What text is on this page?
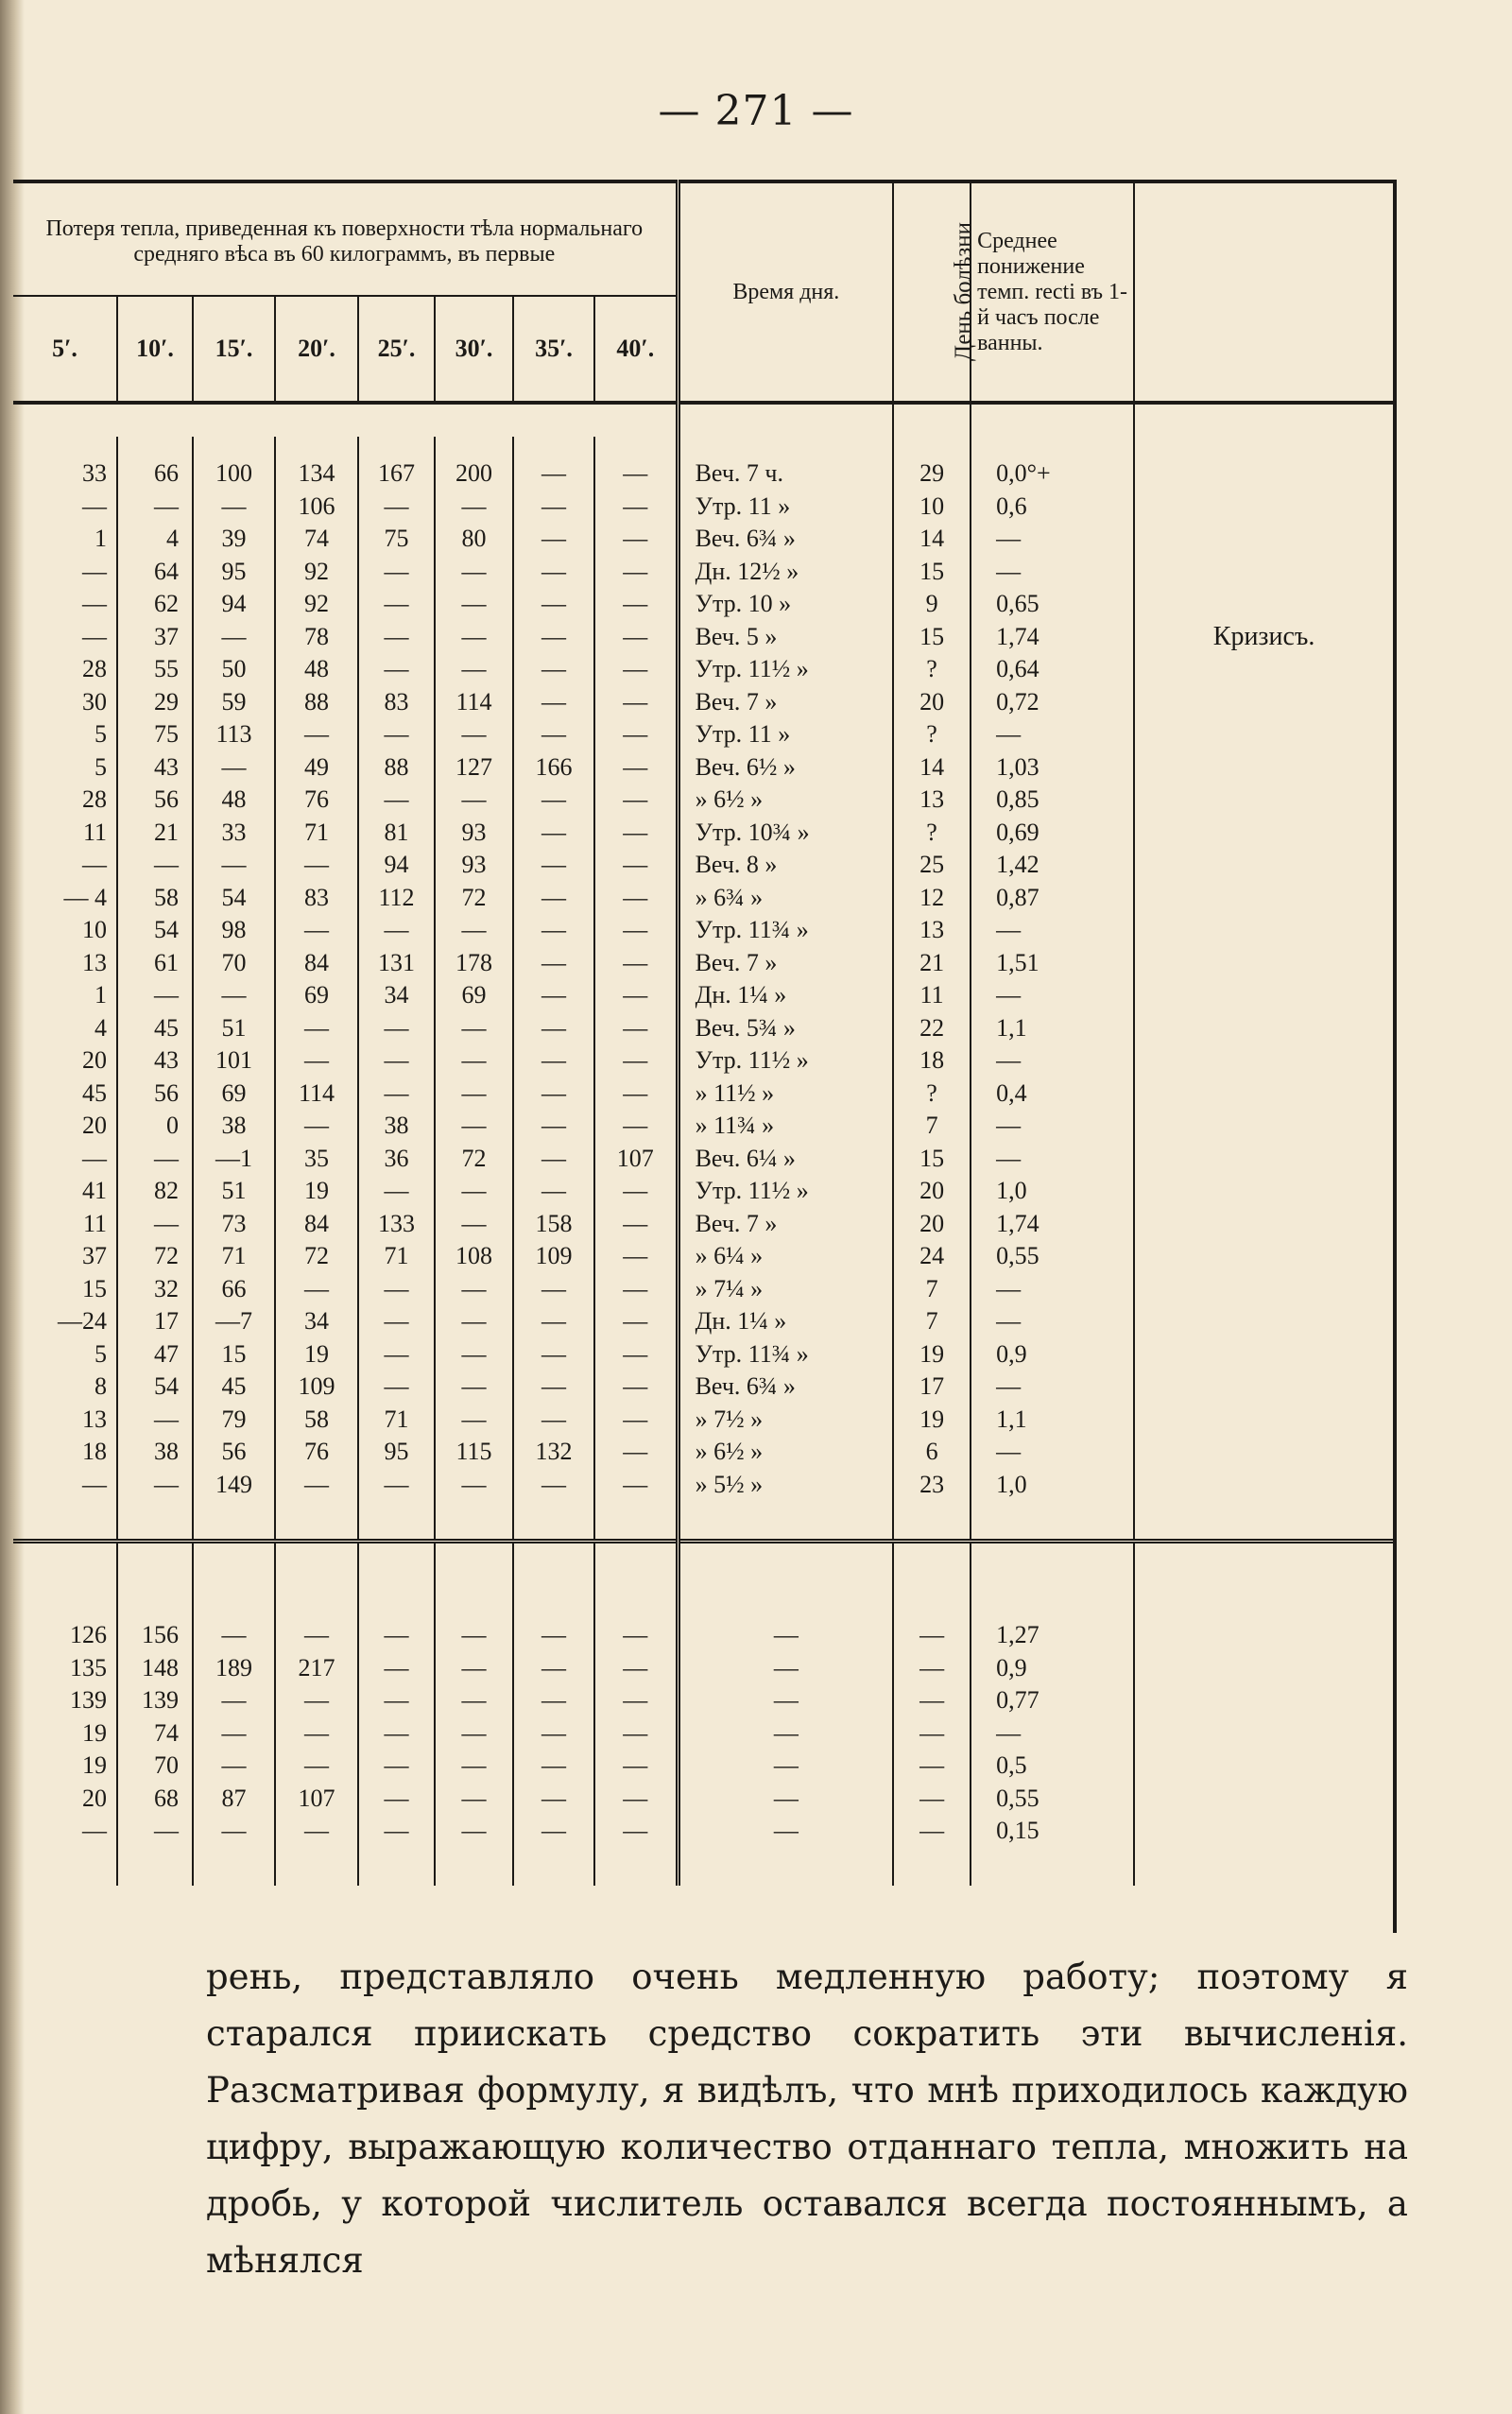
— 271 —
Потеря тепла, приведенная къ поверхности тѣла нормальнаго средняго вѣса въ 60 килограммъ, въ первые								Время дня.	День болѣзни	Среднее понижение темп. recti въ 1-й часъ после ванны.	
5′.	10′.	15′.	20′.	25′.	30′.	35′.	40′.				

33	66	100	134	167	200	—	—	Веч. 7 ч.	29	0,0°+	
—	—	—	106	—	—	—	—	Утр. 11 »	10	0,6	
1	4	39	74	75	80	—	—	Веч. 6¾ »	14	—	
—	64	95	92	—	—	—	—	Дн. 12½ »	15	—	
—	62	94	92	—	—	—	—	Утр. 10 »	9	0,65	
—	37	—	78	—	—	—	—	Веч. 5 »	15	1,74	Кризисъ.
28	55	50	48	—	—	—	—	Утр. 11½ »	?	0,64	
30	29	59	88	83	114	—	—	Веч. 7 »	20	0,72	
5	75	113	—	—	—	—	—	Утр. 11 »	?	—	
5	43	—	49	88	127	166	—	Веч. 6½ »	14	1,03	
28	56	48	76	—	—	—	—	» 6½ »	13	0,85	
11	21	33	71	81	93	—	—	Утр. 10¾ »	?	0,69	
—	—	—	—	94	93	—	—	Веч. 8 »	25	1,42	
— 4	58	54	83	112	72	—	—	» 6¾ »	12	0,87	
10	54	98	—	—	—	—	—	Утр. 11¾ »	13	—	
13	61	70	84	131	178	—	—	Веч. 7 »	21	1,51	
1	—	—	69	34	69	—	—	Дн. 1¼ »	11	—	
4	45	51	—	—	—	—	—	Веч. 5¾ »	22	1,1	
20	43	101	—	—	—	—	—	Утр. 11½ »	18	—	
45	56	69	114	—	—	—	—	» 11½ »	?	0,4	
20	0	38	—	38	—	—	—	» 11¾ »	7	—	
—	—	—1	35	36	72	—	107	Веч. 6¼ »	15	—	
41	82	51	19	—	—	—	—	Утр. 11½ »	20	1,0	
11	—	73	84	133	—	158	—	Веч. 7 »	20	1,74	
37	72	71	72	71	108	109	—	» 6¼ »	24	0,55	
15	32	66	—	—	—	—	—	» 7¼ »	7	—	
—24	17	—7	34	—	—	—	—	Дн. 1¼ »	7	—	
5	47	15	19	—	—	—	—	Утр. 11¾ »	19	0,9	
8	54	45	109	—	—	—	—	Веч. 6¾ »	17	—	
13	—	79	58	71	—	—	—	» 7½ »	19	1,1	
18	38	56	76	95	115	132	—	» 6½ »	6	—	
—	—	149	—	—	—	—	—	» 5½ »	23	1,0	

126	156	—	—	—	—	—	—	—	—	1,27	
135	148	189	217	—	—	—	—	—	—	0,9	
139	139	—	—	—	—	—	—	—	—	0,77	
19	74	—	—	—	—	—	—	—	—	—	
19	70	—	—	—	—	—	—	—	—	0,5	
20	68	87	107	—	—	—	—	—	—	0,55	
—	—	—	—	—	—	—	—	—	—	0,15	

рень, представляло очень медленную работу; поэтому я старался приискать средство сократить эти вычисленія. Разсматривая формулу, я видѣлъ, что мнѣ приходилось каждую цифру, выражающую количество отданнаго тепла, множить на дробь, у которой числитель оставался всегда постояннымъ, а мѣнялся
